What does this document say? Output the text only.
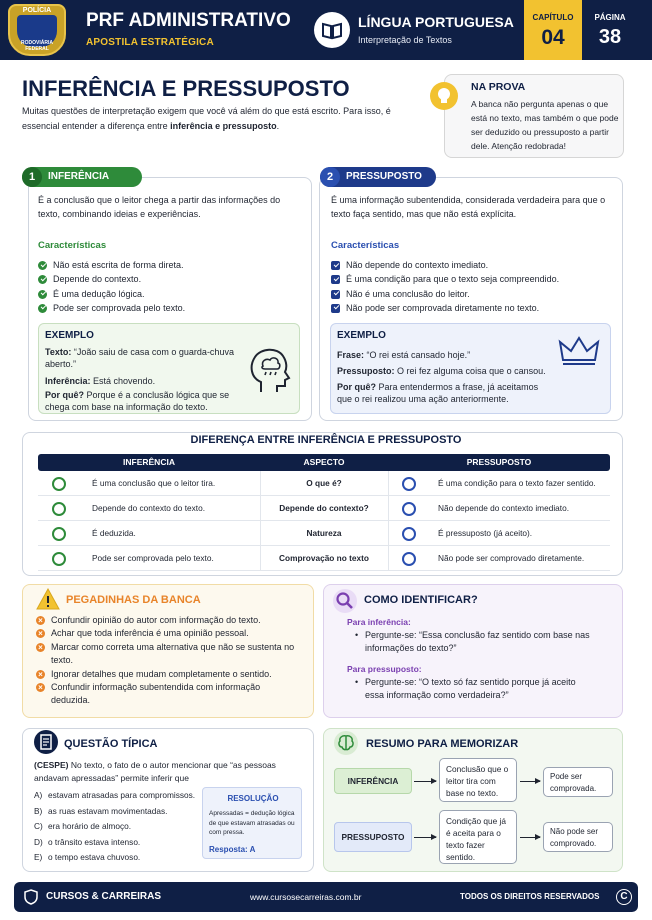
POLÍCIA
RODOVIÁRIA FEDERAL
PRF ADMINISTRATIVO
APOSTILA ESTRATÉGICA
LÍNGUA PORTUGUESA
Interpretação de Textos
CAPÍTULO
04
PÁGINA
38
INFERÊNCIA E PRESSUPOSTO
Muitas questões de interpretação exigem que você vá além do que está escrito. Para isso, é essencial entender a diferença entre inferência e pressuposto.
NA PROVA
A banca não pergunta apenas o que está no texto, mas também o que pode ser deduzido ou pressuposto a partir dele. Atenção redobrada!
INFERÊNCIA
1
É a conclusão que o leitor chega a partir das informações do texto, combinando ideias e experiências.
Características
Não está escrita de forma direta.
Depende do contexto.
É uma dedução lógica.
Pode ser comprovada pelo texto.
EXEMPLO
Texto: “João saiu de casa com o guarda-chuva aberto.”
Inferência: Está chovendo.
Por quê? Porque é a conclusão lógica que se chega com base na informação do texto.
PRESSUPOSTO
2
É uma informação subentendida, considerada verdadeira para que o texto faça sentido, mas que não está explícita.
Características
Não depende do contexto imediato.
É uma condição para que o texto seja compreendido.
Não é uma conclusão do leitor.
Não pode ser comprovada diretamente no texto.
EXEMPLO
Frase: “O rei está cansado hoje.”
Pressuposto: O rei fez alguma coisa que o cansou.
Por quê? Para entendermos a frase, já aceitamos que o rei realizou uma ação anteriormente.
DIFERENÇA ENTRE INFERÊNCIA E PRESSUPOSTO
INFERÊNCIA	ASPECTO	PRESSUPOSTO
É uma conclusão que o leitor tira.	O que é?	É uma condição para o texto fazer sentido.
Depende do contexto do texto.	Depende do contexto?	Não depende do contexto imediato.
É deduzida.	Natureza	É pressuposto (já aceito).
Pode ser comprovada pelo texto.	Comprovação no texto	Não pode ser comprovado diretamente.
PEGADINHAS DA BANCA
× Confundir opinião do autor com informação do texto.
× Achar que toda inferência é uma opinião pessoal.
× Marcar como correta uma alternativa que não se sustenta no texto.
× Ignorar detalhes que mudam completamente o sentido.
× Confundir informação subentendida com informação deduzida.
COMO IDENTIFICAR?
Para inferência:
• Pergunte-se: “Essa conclusão faz sentido com base nas informações do texto?”
Para pressuposto:
• Pergunte-se: “O texto só faz sentido porque já aceito essa informação como verdadeira?”
QUESTÃO TÍPICA
(CESPE) No texto, o fato de o autor mencionar que “as pessoas andavam apressadas” permite inferir que
A) estavam atrasadas para compromissos.
B) as ruas estavam movimentadas.
C) era horário de almoço.
D) o trânsito estava intenso.
E) o tempo estava chuvoso.
RESOLUÇÃO
Apressadas = dedução lógica de que estavam atrasadas ou com pressa.
Resposta: A
RESUMO PARA MEMORIZAR
INFERÊNCIA
Conclusão que o leitor tira com base no texto.
Pode ser comprovada.
PRESSUPOSTO
Condição que já é aceita para o texto fazer sentido.
Não pode ser comprovado.
CURSOS & CARREIRAS	www.cursosecarreiras.com.br	TODOS OS DIREITOS RESERVADOS	C
